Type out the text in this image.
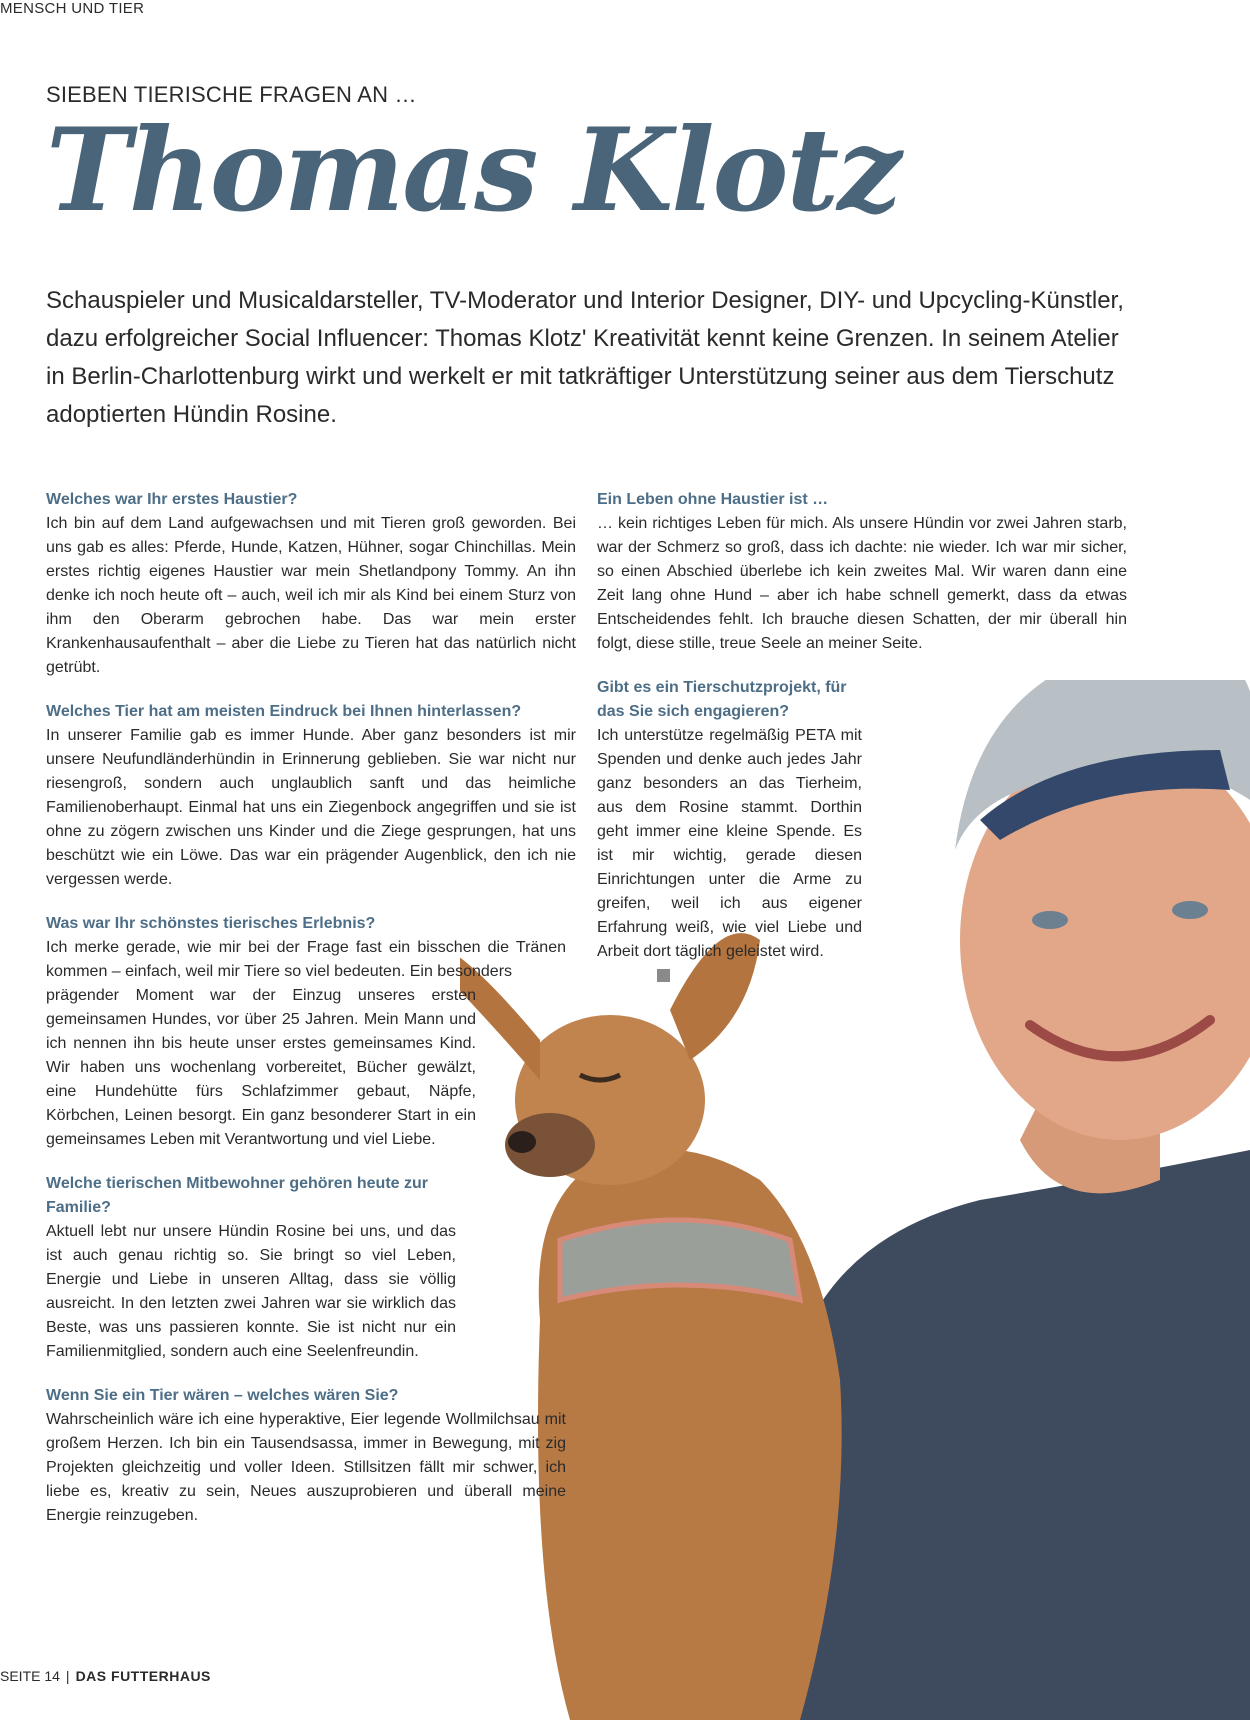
MENSCH UND TIER
SIEBEN TIERISCHE FRAGEN AN …
Thomas Klotz

Schauspieler und Musicaldarsteller, TV-Moderator und Interior Designer, DIY- und Upcycling-Künstler, dazu erfolgreicher Social Influencer: Thomas Klotz' Kreativität kennt keine Grenzen. In seinem Atelier in Berlin-Charlottenburg wirkt und werkelt er mit tatkräftiger Unterstützung seiner aus dem Tierschutz adoptierten Hündin Rosine.

Welches war Ihr erstes Haustier?
Ich bin auf dem Land aufgewachsen und mit Tieren groß geworden. Bei uns gab es alles: Pferde, Hunde, Katzen, Hühner, sogar Chinchillas. Mein erstes richtig eigenes Haustier war mein Shetlandpony Tommy. An ihn denke ich noch heute oft – auch, weil ich mir als Kind bei einem Sturz von ihm den Oberarm gebrochen habe. Das war mein erster Krankenhausaufenthalt – aber die Liebe zu Tieren hat das natürlich nicht getrübt.
Welches Tier hat am meisten Eindruck bei Ihnen hinterlassen?
In unserer Familie gab es immer Hunde. Aber ganz besonders ist mir unsere Neufundländerhündin in Erinnerung geblieben. Sie war nicht nur riesengroß, sondern auch unglaublich sanft und das heimliche Familienoberhaupt. Einmal hat uns ein Ziegenbock angegriffen und sie ist ohne zu zögern zwischen uns Kinder und die Ziege gesprungen, hat uns beschützt wie ein Löwe. Das war ein prägender Augenblick, den ich nie vergessen werde.
Was war Ihr schönstes tierisches Erlebnis?
Ich merke gerade, wie mir bei der Frage fast ein bisschen die Tränen kommen – einfach, weil mir Tiere so viel bedeuten. Ein besonders
prägender Moment war der Einzug unseres ersten gemeinsamen Hundes, vor über 25 Jahren. Mein Mann und ich nennen ihn bis heute unser erstes gemeinsames Kind. Wir haben uns wochenlang vorbereitet, Bücher gewälzt, eine Hundehütte fürs Schlafzimmer gebaut, Näpfe, Körbchen, Leinen besorgt. Ein ganz besonderer Start in ein gemeinsames Leben mit Verantwortung und viel Liebe.
Welche tierischen Mitbewohner gehören heute zur Familie?
Aktuell lebt nur unsere Hündin Rosine bei uns, und das ist auch genau richtig so. Sie bringt so viel Leben, Energie und Liebe in unseren Alltag, dass sie völlig ausreicht. In den letzten zwei Jahren war sie wirklich das Beste, was uns passieren konnte. Sie ist nicht nur ein Familienmitglied, sondern auch eine Seelenfreundin.
Wenn Sie ein Tier wären – welches wären Sie?
Wahrscheinlich wäre ich eine hyperaktive, Eier legende Wollmilchsau mit großem Herzen. Ich bin ein Tausendsassa, immer in Bewegung, mit zig Projekten gleichzeitig und voller Ideen. Stillsitzen fällt mir schwer, ich liebe es, kreativ zu sein, Neues auszuprobieren und überall meine Energie reinzugeben.
Ein Leben ohne Haustier ist …
… kein richtiges Leben für mich. Als unsere Hündin vor zwei Jahren starb, war der Schmerz so groß, dass ich dachte: nie wieder. Ich war mir sicher, so einen Abschied überlebe ich kein zweites Mal. Wir waren dann eine Zeit lang ohne Hund – aber ich habe schnell gemerkt, dass da etwas Entscheidendes fehlt. Ich brauche diesen Schatten, der mir überall hin folgt, diese stille, treue Seele an meiner Seite.
Gibt es ein Tierschutzprojekt, für das Sie sich engagieren?
Ich unterstütze regelmäßig PETA mit Spenden und denke auch jedes Jahr ganz besonders an das Tierheim, aus dem Rosine stammt. Dorthin geht immer eine kleine Spende. Es ist mir wichtig, gerade diesen Einrichtungen unter die Arme zu greifen, weil ich aus eigener Erfahrung weiß, wie viel Liebe und Arbeit dort täglich geleistet wird.
SEITE 14 | DAS FUTTERHAUS
